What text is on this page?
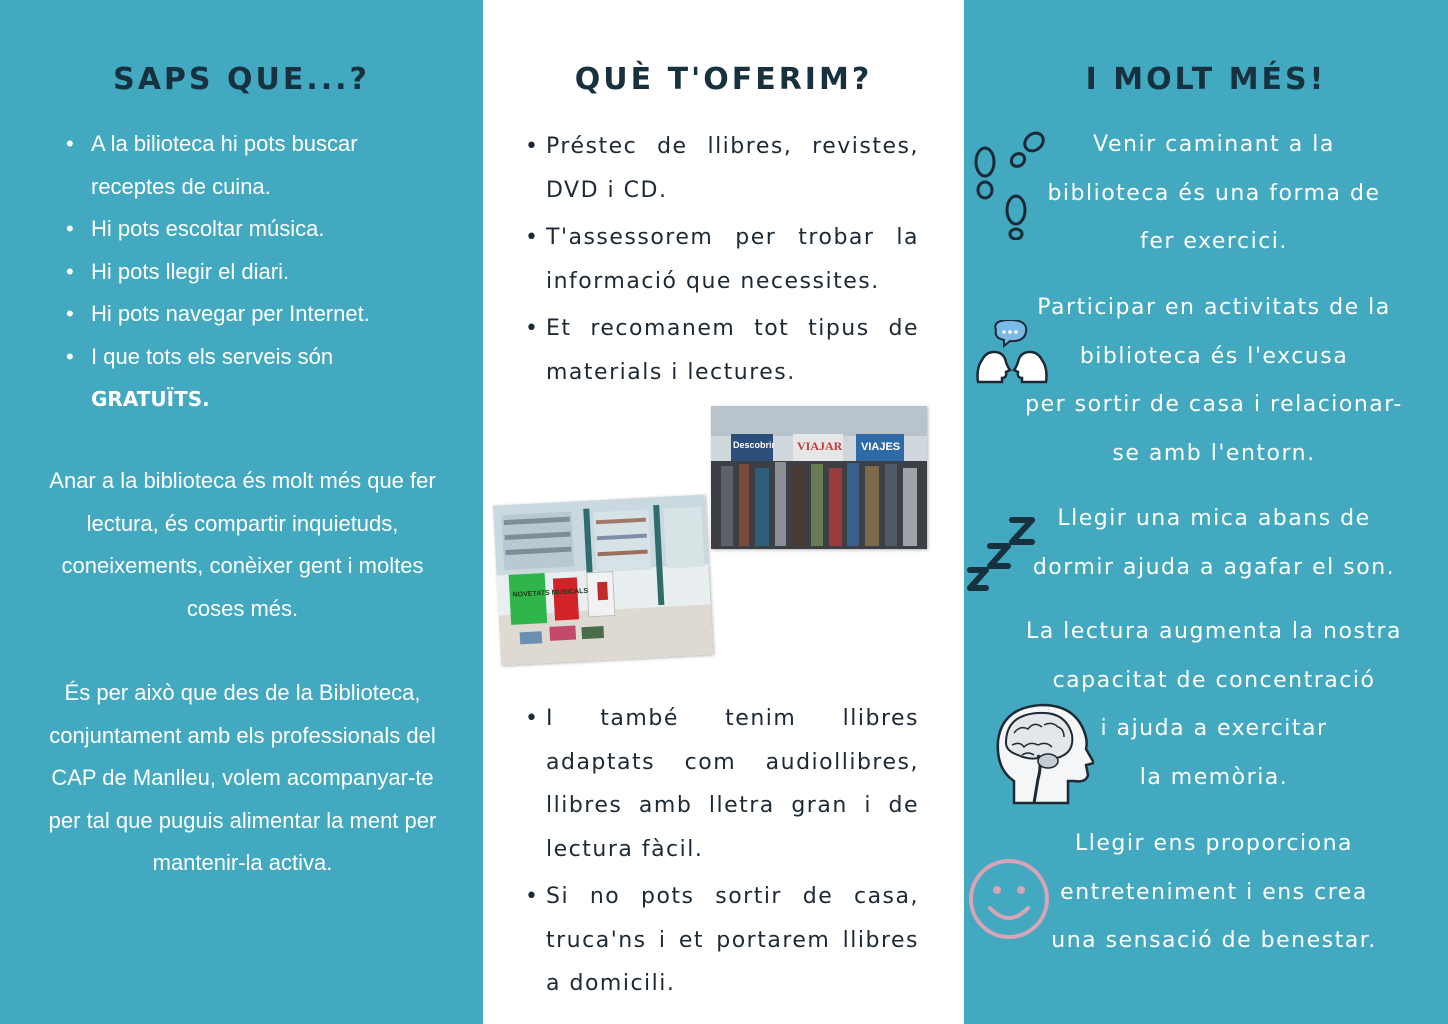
SAPS QUE...?
• A la bilioteca hi pots buscar receptes de cuina.
• Hi pots escoltar música.
• Hi pots llegir el diari.
• Hi pots navegar per Internet.
• I que tots els serveis són
GRATUÏTS.

Anar a la biblioteca és molt més que fer lectura, és compartir inquietuds, coneixements, conèixer gent i moltes coses més.

És per això que des de la Biblioteca, conjuntament amb els professionals del CAP de Manlleu, volem acompanyar-te per tal que puguis alimentar la ment per mantenir-la activa.

QUÈ T'OFERIM?
• Préstec de llibres, revistes, DVD i CD.
• T'assessorem per trobar la informació que necessites.
• Et recomanem tot tipus de materials i lectures.
Descobrir VIAJAR VIAJES
NOVETATS MUSICALS
• I també tenim llibres adaptats com audiollibres, llibres amb lletra gran i de lectura fàcil.
• Si no pots sortir de casa, truca'ns i et portarem llibres a domicili.
I MOLT MÉS!

Venir caminant a la
biblioteca és una forma de
fer exercici.

Participar en activitats de la
biblioteca és l'excusa
per sortir de casa i relacionar-
se amb l'entorn.

Llegir una mica abans de
dormir ajuda a agafar el son.

La lectura augmenta la nostra
capacitat de concentració
i ajuda a exercitar
la memòria.

Llegir ens proporciona
entreteniment i ens crea
una sensació de benestar.
